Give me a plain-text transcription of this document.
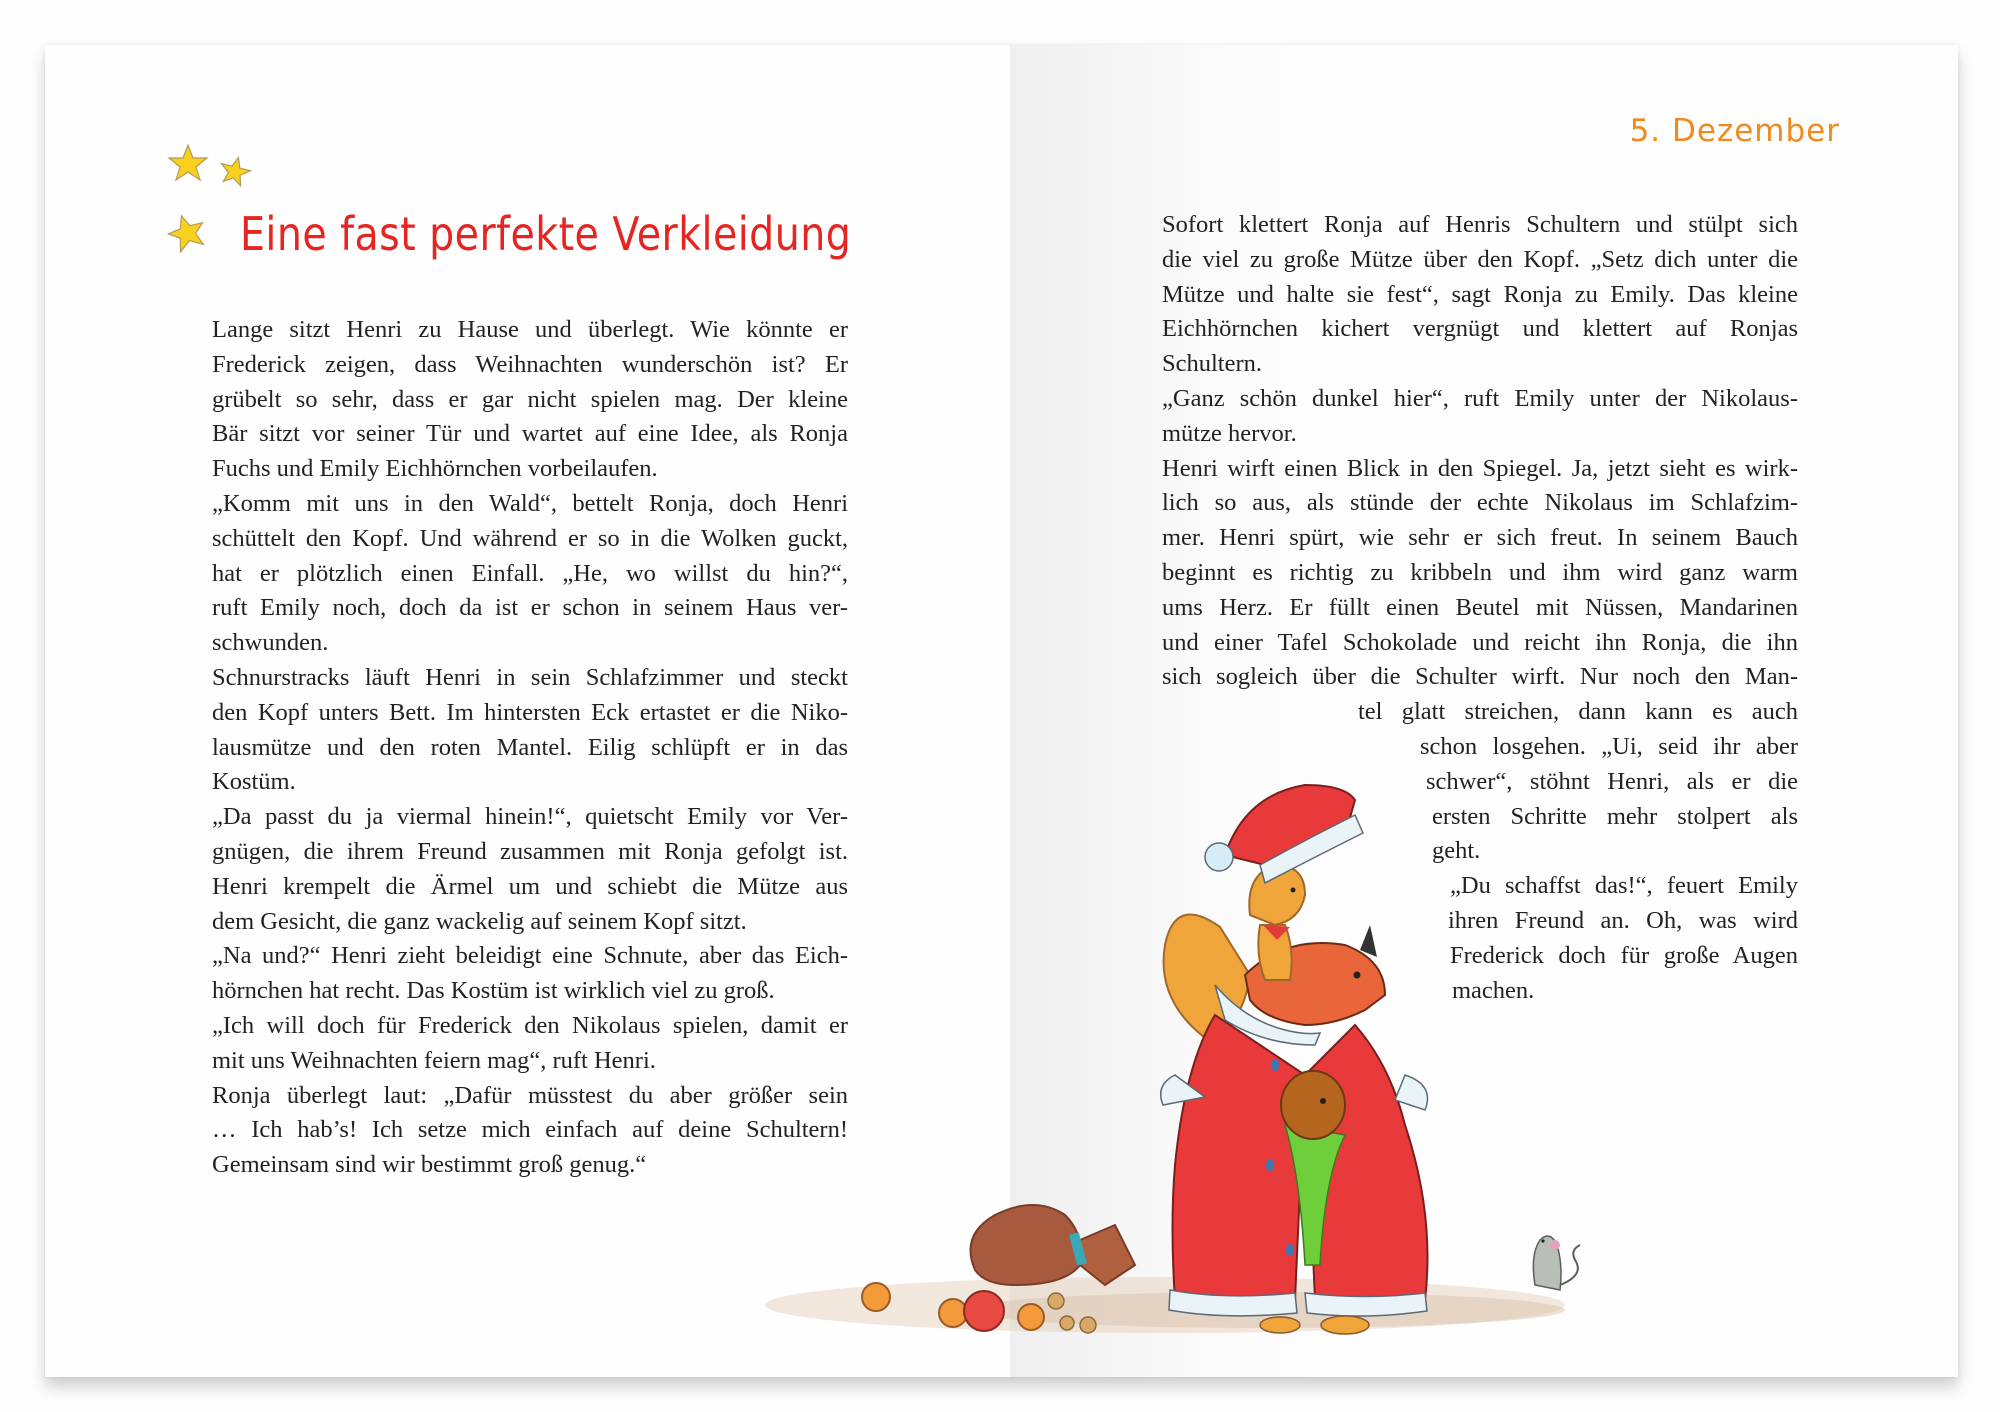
Eine fast perfekte Verkleidung
Lange sitzt Henri zu Hause und überlegt. Wie könnte er
Frederick zeigen, dass Weihnachten wunderschön ist? Er
grübelt so sehr, dass er gar nicht spielen mag. Der kleine
Bär sitzt vor seiner Tür und wartet auf eine Idee, als Ronja
Fuchs und Emily Eichhörnchen vorbeilaufen.
„Komm mit uns in den Wald“, bettelt Ronja, doch Henri
schüttelt den Kopf. Und während er so in die Wolken guckt,
hat er plötzlich einen Einfall. „He, wo willst du hin?“,
ruft Emily noch, doch da ist er schon in seinem Haus ver-
schwunden.
Schnurstracks läuft Henri in sein Schlafzimmer und steckt
den Kopf unters Bett. Im hintersten Eck ertastet er die Niko-
lausmütze und den roten Mantel. Eilig schlüpft er in das
Kostüm.
„Da passt du ja viermal hinein!“, quietscht Emily vor Ver-
gnügen, die ihrem Freund zusammen mit Ronja gefolgt ist.
Henri krempelt die Ärmel um und schiebt die Mütze aus
dem Gesicht, die ganz wackelig auf seinem Kopf sitzt.
„Na und?“ Henri zieht beleidigt eine Schnute, aber das Eich-
hörnchen hat recht. Das Kostüm ist wirklich viel zu groß.
„Ich will doch für Frederick den Nikolaus spielen, damit er
mit uns Weihnachten feiern mag“, ruft Henri.
Ronja überlegt laut: „Dafür müsstest du aber größer sein
… Ich hab’s! Ich setze mich einfach auf deine Schultern!
Gemeinsam sind wir bestimmt groß genug.“
5. Dezember
Sofort klettert Ronja auf Henris Schultern und stülpt sich
die viel zu große Mütze über den Kopf. „Setz dich unter die
Mütze und halte sie fest“, sagt Ronja zu Emily. Das kleine
Eichhörnchen kichert vergnügt und klettert auf Ronjas
Schultern.
„Ganz schön dunkel hier“, ruft Emily unter der Nikolaus-
mütze hervor.
Henri wirft einen Blick in den Spiegel. Ja, jetzt sieht es wirk-
lich so aus, als stünde der echte Nikolaus im Schlafzim-
mer. Henri spürt, wie sehr er sich freut. In seinem Bauch
beginnt es richtig zu kribbeln und ihm wird ganz warm
ums Herz. Er füllt einen Beutel mit Nüssen, Mandarinen
und einer Tafel Schokolade und reicht ihn Ronja, die ihn
sich sogleich über die Schulter wirft. Nur noch den Man-
tel glatt streichen, dann kann es auch
schon losgehen. „Ui, seid ihr aber
schwer“, stöhnt Henri, als er die
ersten Schritte mehr stolpert als
geht.
„Du schaffst das!“, feuert Emily
ihren Freund an. Oh, was wird
Frederick doch für große Augen
machen.
